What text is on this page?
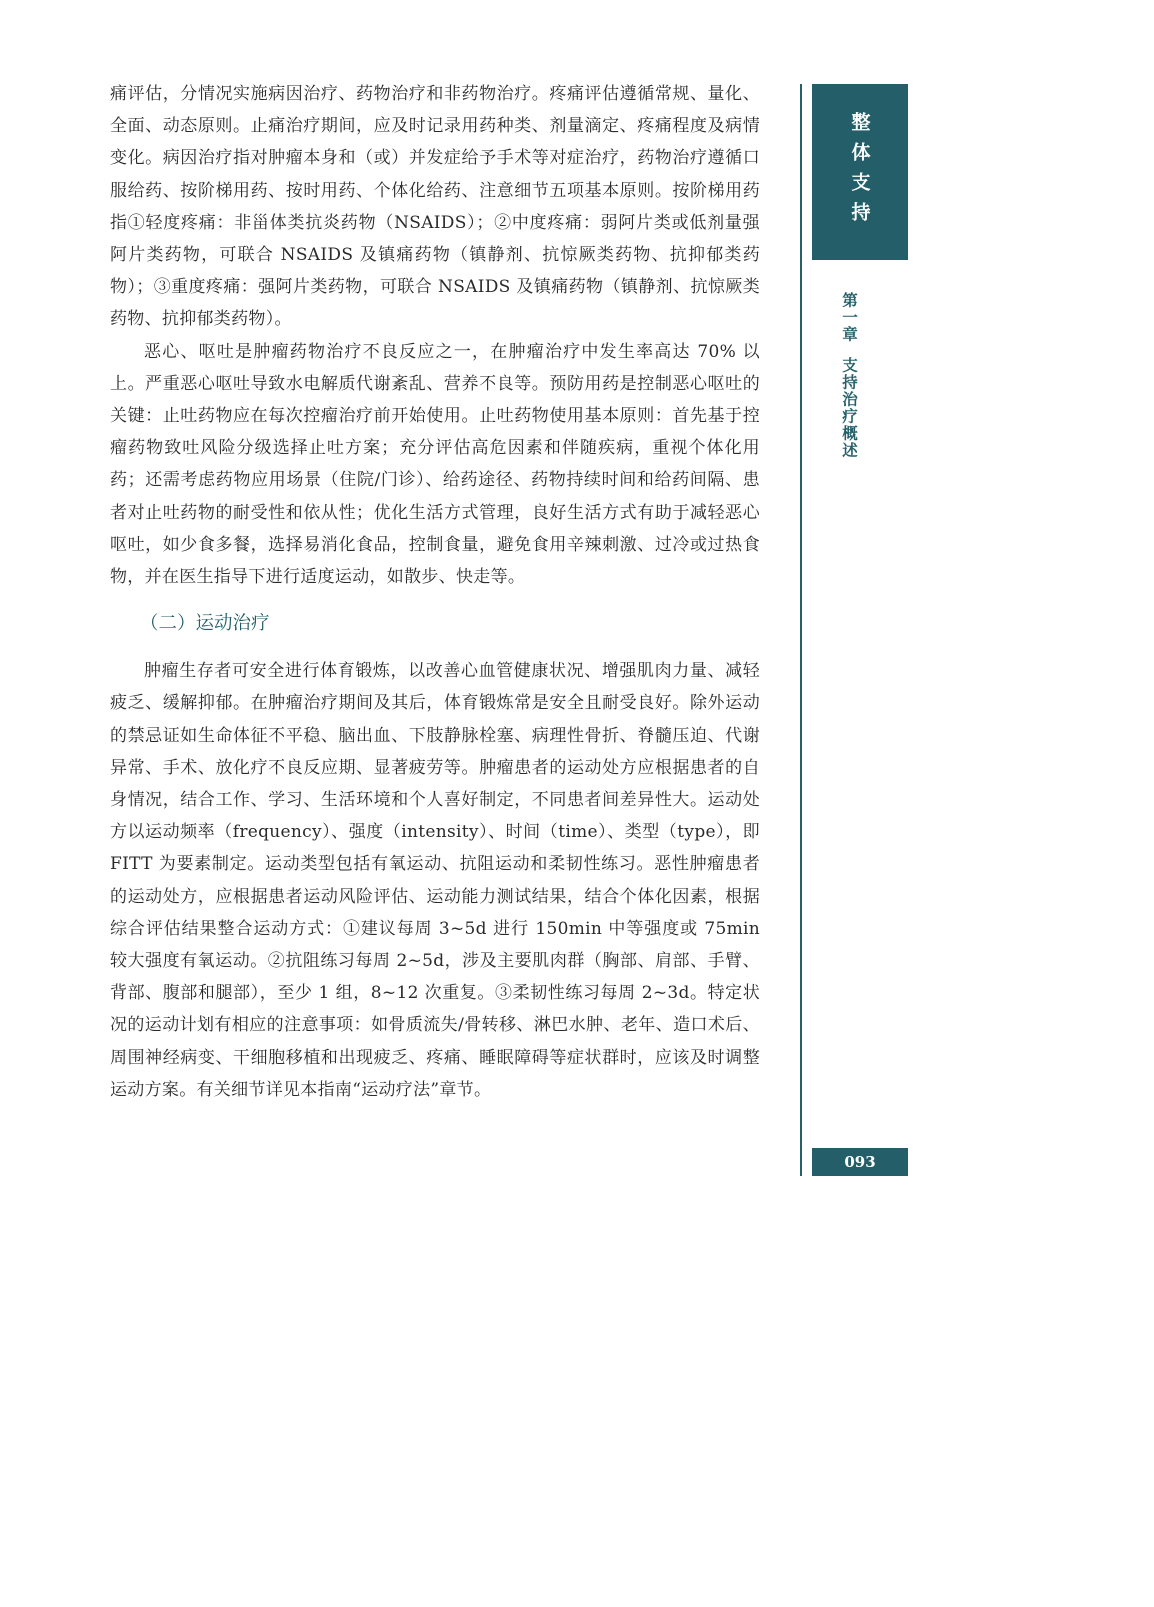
痛评估，分情况实施病因治疗、药物治疗和非药物治疗。疼痛评估遵循常规、量化、全面、动态原则。止痛治疗期间，应及时记录用药种类、剂量滴定、疼痛程度及病情变化。病因治疗指对肿瘤本身和（或）并发症给予手术等对症治疗，药物治疗遵循口服给药、按阶梯用药、按时用药、个体化给药、注意细节五项基本原则。按阶梯用药指①轻度疼痛：非甾体类抗炎药物（NSAIDS）；②中度疼痛：弱阿片类或低剂量强阿片类药物，可联合 NSAIDS 及镇痛药物（镇静剂、抗惊厥类药物、抗抑郁类药物）；③重度疼痛：强阿片类药物，可联合 NSAIDS 及镇痛药物（镇静剂、抗惊厥类药物、抗抑郁类药物）。

恶心、呕吐是肿瘤药物治疗不良反应之一，在肿瘤治疗中发生率高达 70% 以上。严重恶心呕吐导致水电解质代谢紊乱、营养不良等。预防用药是控制恶心呕吐的关键：止吐药物应在每次控瘤治疗前开始使用。止吐药物使用基本原则：首先基于控瘤药物致吐风险分级选择止吐方案；充分评估高危因素和伴随疾病，重视个体化用药；还需考虑药物应用场景（住院/门诊）、给药途径、药物持续时间和给药间隔、患者对止吐药物的耐受性和依从性；优化生活方式管理，良好生活方式有助于减轻恶心呕吐，如少食多餐，选择易消化食品，控制食量，避免食用辛辣刺激、过冷或过热食物，并在医生指导下进行适度运动，如散步、快走等。

（二）运动治疗

肿瘤生存者可安全进行体育锻炼，以改善心血管健康状况、增强肌肉力量、减轻疲乏、缓解抑郁。在肿瘤治疗期间及其后，体育锻炼常是安全且耐受良好。除外运动的禁忌证如生命体征不平稳、脑出血、下肢静脉栓塞、病理性骨折、脊髓压迫、代谢异常、手术、放化疗不良反应期、显著疲劳等。肿瘤患者的运动处方应根据患者的自身情况，结合工作、学习、生活环境和个人喜好制定，不同患者间差异性大。运动处方以运动频率（frequency）、强度（intensity）、时间（time）、类型（type），即 FITT 为要素制定。运动类型包括有氧运动、抗阻运动和柔韧性练习。恶性肿瘤患者的运动处方，应根据患者运动风险评估、运动能力测试结果，结合个体化因素，根据综合评估结果整合运动方式：①建议每周 3~5d 进行 150min 中等强度或 75min 较大强度有氧运动。②抗阻练习每周 2~5d，涉及主要肌肉群（胸部、肩部、手臂、背部、腹部和腿部），至少 1 组，8~12 次重复。③柔韧性练习每周 2~3d。特定状况的运动计划有相应的注意事项：如骨质流失/骨转移、淋巴水肿、老年、造口术后、周围神经病变、干细胞移植和出现疲乏、疼痛、睡眠障碍等症状群时，应该及时调整运动方案。有关细节详见本指南“运动疗法”章节。

整体支持
第一章支持治疗概述
093
